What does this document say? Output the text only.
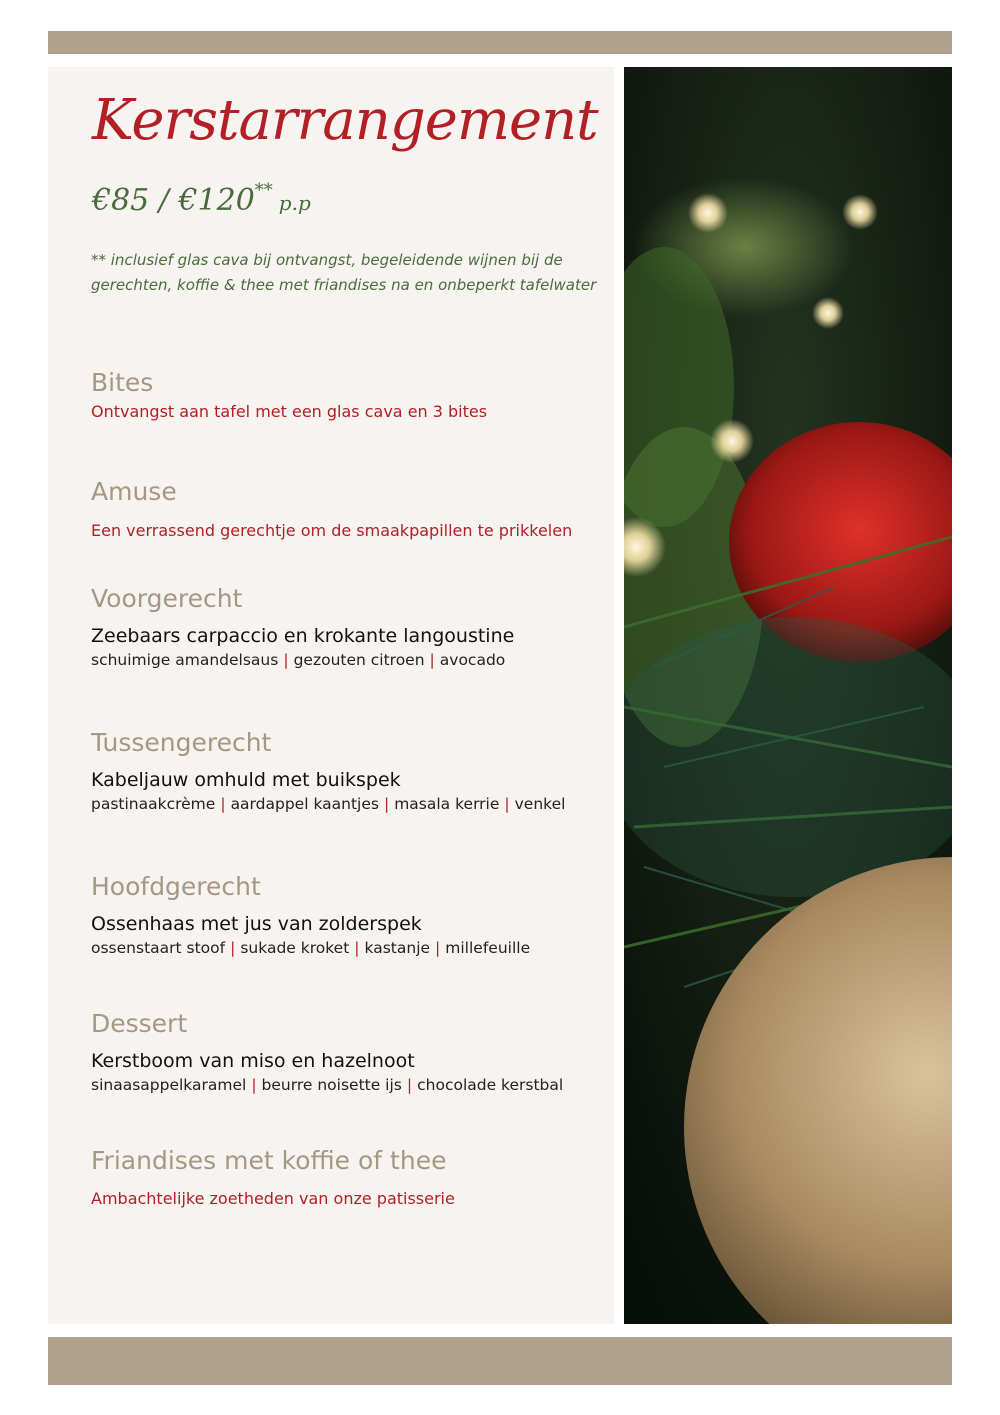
Kerstarrangement
€85 / €120**p.p
** inclusief glas cava bij ontvangst, begeleidende wijnen bij de gerechten, koffie & thee met friandises na en onbeperkt tafelwater
Bites
Ontvangst aan tafel met een glas cava en 3 bites
Amuse
Een verrassend gerechtje om de smaakpapillen te prikkelen
Voorgerecht
Zeebaars carpaccio en krokante langoustine
schuimige amandelsaus | gezouten citroen | avocado
Tussengerecht
Kabeljauw omhuld met buikspek
pastinaakcrème | aardappel kaantjes | masala kerrie | venkel
Hoofdgerecht
Ossenhaas met jus van zolderspek
ossenstaart stoof | sukade kroket | kastanje | millefeuille
Dessert
Kerstboom van miso en hazelnoot
sinaasappelkaramel | beurre noisette ijs | chocolade kerstbal
Friandises met koffie of thee
Ambachtelijke zoetheden van onze patisserie
